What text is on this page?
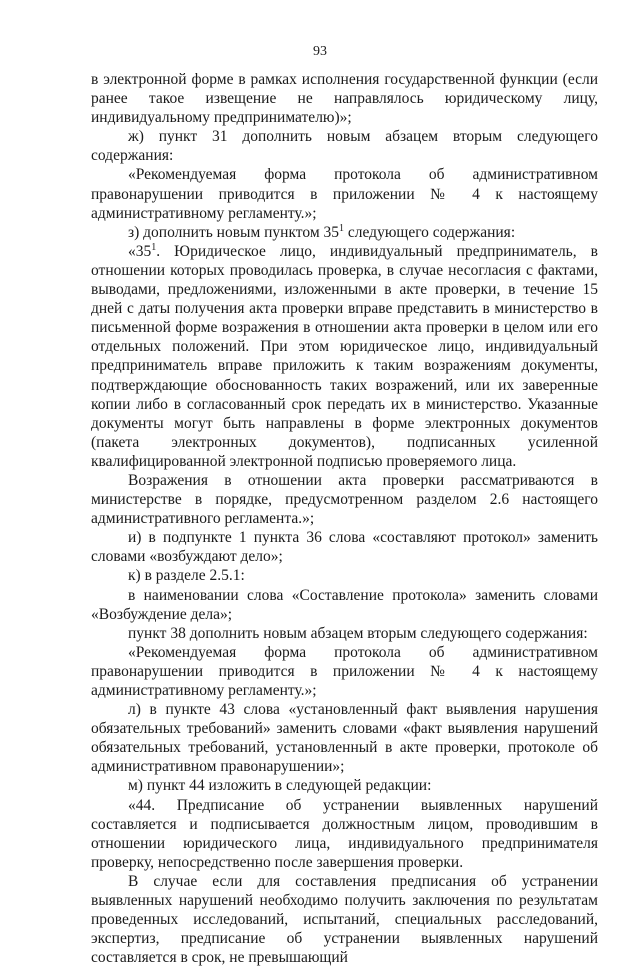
93

в электронной форме в рамках исполнения государственной функции (если ранее такое извещение не направлялось юридическому лицу, индивидуальному предпринимателю)»;

ж) пункт 31 дополнить новым абзацем вторым следующего содержания:

«Рекомендуемая форма протокола об административном правонарушении приводится в приложении № 4 к настоящему административному регламенту.»;

з) дополнить новым пунктом $35^1$ следующего содержания:

«$35^1$. Юридическое лицо, индивидуальный предприниматель, в отношении которых проводилась проверка, в случае несогласия с фактами, выводами, предложениями, изложенными в акте проверки, в течение 15 дней с даты получения акта проверки вправе представить в министерство в письменной форме возражения в отношении акта проверки в целом или его отдельных положений. При этом юридическое лицо, индивидуальный предприниматель вправе приложить к таким возражениям документы, подтверждающие обоснованность таких возражений, или их заверенные копии либо в согласованный срок передать их в министерство. Указанные документы могут быть направлены в форме электронных документов (пакета электронных документов), подписанных усиленной квалифицированной электронной подписью проверяемого лица.

Возражения в отношении акта проверки рассматриваются в министерстве в порядке, предусмотренном разделом 2.6 настоящего административного регламента.»;

и) в подпункте 1 пункта 36 слова «составляют протокол» заменить словами «возбуждают дело»;

к) в разделе 2.5.1:

в наименовании слова «Составление протокола» заменить словами «Возбуждение дела»;

пункт 38 дополнить новым абзацем вторым следующего содержания:

«Рекомендуемая форма протокола об административном правонарушении приводится в приложении № 4 к настоящему административному регламенту.»;

л) в пункте 43 слова «установленный факт выявления нарушения обязательных требований» заменить словами «факт выявления нарушений обязательных требований, установленный в акте проверки, протоколе об административном правонарушении»;

м) пункт 44 изложить в следующей редакции:

«44. Предписание об устранении выявленных нарушений составляется и подписывается должностным лицом, проводившим в отношении юридического лица, индивидуального предпринимателя проверку, непосредственно после завершения проверки.

В случае если для составления предписания об устранении выявленных нарушений необходимо получить заключения по результатам проведенных исследований, испытаний, специальных расследований, экспертиз, предписание об устранении выявленных нарушений составляется в срок, не превышающий
